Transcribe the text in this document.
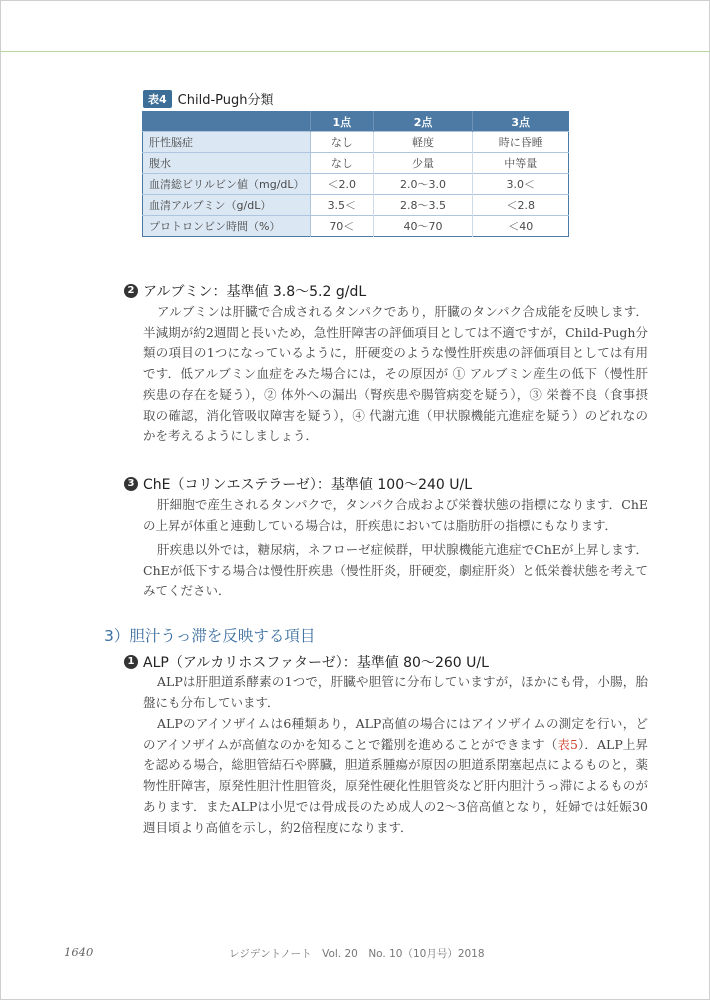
表4 Child-Pugh分類
	1点	2点	3点
肝性脳症	なし	軽度	時に昏睡
腹水	なし	少量	中等量
血清総ビリルビン値（mg/dL）	＜2.0	2.0～3.0	3.0＜
血清アルブミン（g/dL）	3.5＜	2.8～3.5	＜2.8
プロトロンビン時間（%）	70＜	40～70	＜40
2 アルブミン：基準値 3.8～5.2 g/dL

アルブミンは肝臓で合成されるタンパクであり，肝臓のタンパク合成能を反映します．半減期が約2週間と長いため，急性肝障害の評価項目としては不適ですが，Child-Pugh分類の項目の1つになっているように，肝硬変のような慢性肝疾患の評価項目としては有用です．低アルブミン血症をみた場合には，その原因が ① アルブミン産生の低下（慢性肝疾患の存在を疑う），② 体外への漏出（腎疾患や腸管病変を疑う），③ 栄養不良（食事摂取の確認，消化管吸収障害を疑う），④ 代謝亢進（甲状腺機能亢進症を疑う）のどれなのかを考えるようにしましょう．

3 ChE（コリンエステラーゼ）：基準値 100～240 U/L

肝細胞で産生されるタンパクで，タンパク合成および栄養状態の指標になります．ChEの上昇が体重と連動している場合は，肝疾患においては脂肪肝の指標にもなります．

肝疾患以外では，糖尿病，ネフローゼ症候群，甲状腺機能亢進症でChEが上昇します．ChEが低下する場合は慢性肝疾患（慢性肝炎，肝硬変，劇症肝炎）と低栄養状態を考えてみてください．

3）胆汁うっ滞を反映する項目
1 ALP（アルカリホスファターゼ）：基準値 80～260 U/L

ALPは肝胆道系酵素の1つで，肝臓や胆管に分布していますが，ほかにも骨，小腸，胎盤にも分布しています．

ALPのアイソザイムは6種類あり，ALP高値の場合にはアイソザイムの測定を行い，どのアイソザイムが高値なのかを知ることで鑑別を進めることができます（表5）．ALP上昇を認める場合，総胆管結石や膵臓，胆道系腫瘍が原因の胆道系閉塞起点によるものと，薬物性肝障害，原発性胆汁性胆管炎，原発性硬化性胆管炎など肝内胆汁うっ滞によるものがあります．またALPは小児では骨成長のため成人の2～3倍高値となり，妊婦では妊娠30週目頃より高値を示し，約2倍程度になります．

1640	レジデントノート　Vol. 20　No. 10（10月号）2018
